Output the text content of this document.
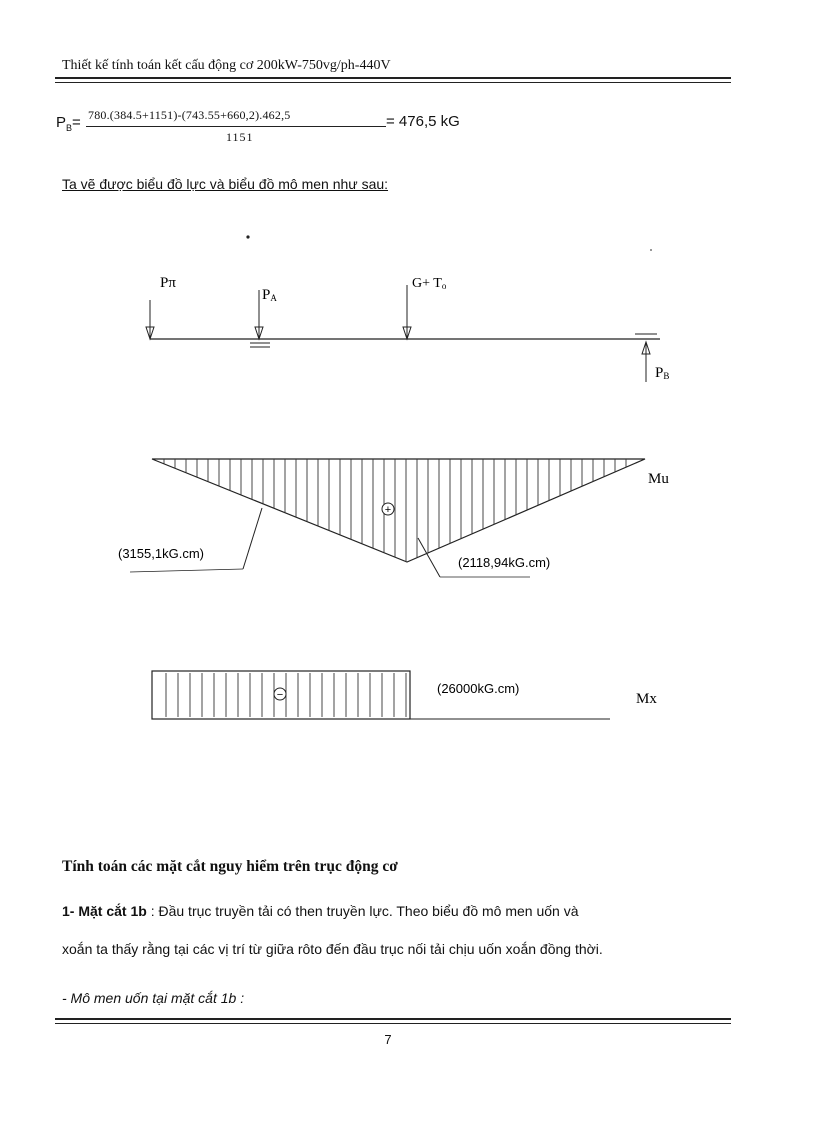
Thiết kế tính toán kết cấu động cơ 200kW-750vg/ph-440V
$P_B= 780.(384.5+1151)-(743.55+660,2).462,5$
1151
= 476,5 kG
Ta vẽ được biểu đồ lực và biểu đồ mô men như sau:
Pπ
PA
G+ To
PB
+
Mu
(3155,1kG.cm)
(2118,94kG.cm)
−	(26000kG.cm)
Mx
Tính toán các mặt cắt nguy hiểm trên trục động cơ
1- Mặt cắt 1b : Đầu trục truyền tải có then truyền lực. Theo biểu đồ mô men uốn và
xoắn ta thấy rằng tại các vị trí từ giữa rôto đến đầu trục nối tải chịu uốn xoắn đồng thời.
- Mô men uốn tại mặt cắt 1b :
7
